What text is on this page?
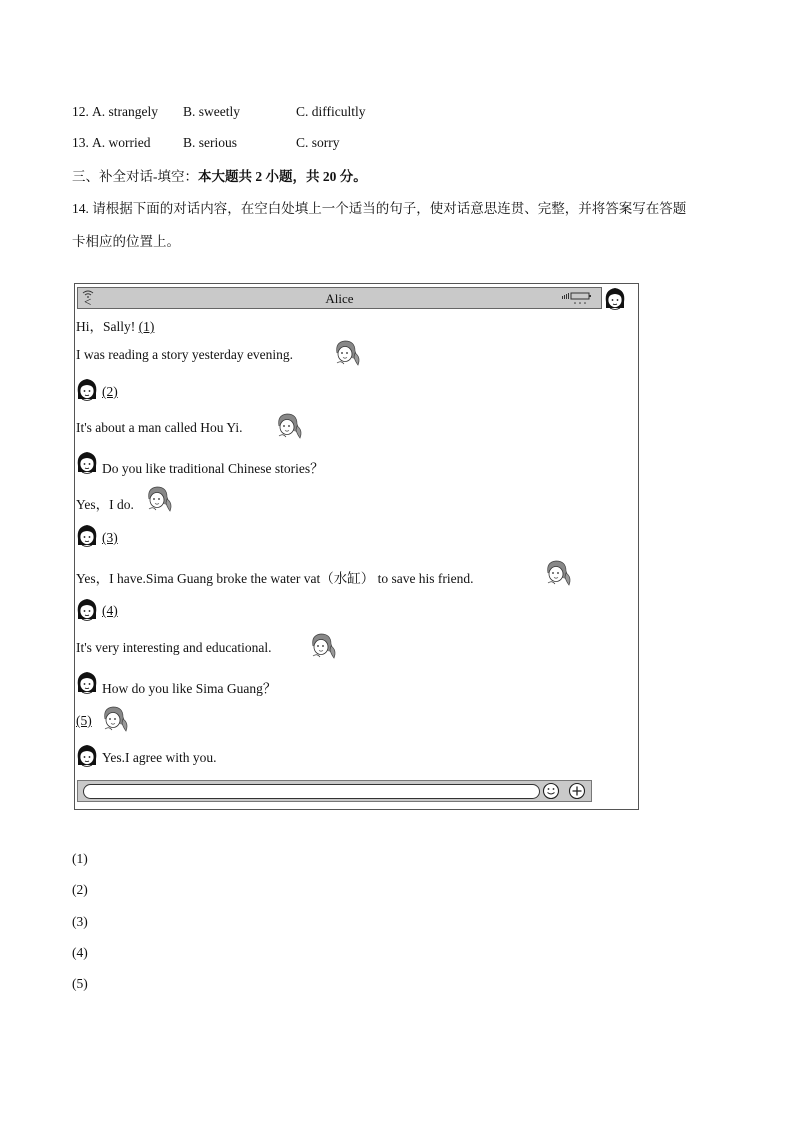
12. A. strangely B. sweetly	C. difficultly
13. A. worried B. serious	C. sorry
三、补全对话-填空：本大题共 2 小题，共 20 分。
14. 请根据下面的对话内容，在空白处填上一个适当的句子，使对话意思连贯、完整，并将答案写在答题
卡相应的位置上。
<	Alice
Hi，Sally! (1)
I was reading a story yesterday evening.
(2)
It's about a man called Hou Yi.
Do you like traditional Chinese stories？
Yes，I do.
(3)
Yes，I have.Sima Guang broke the water vat（水缸） to save his friend.
(4)
It's very interesting and educational.
How do you like Sima Guang？
(5)
Yes.I agree with you.
(1)
(2)
(3)
(4)
(5)
